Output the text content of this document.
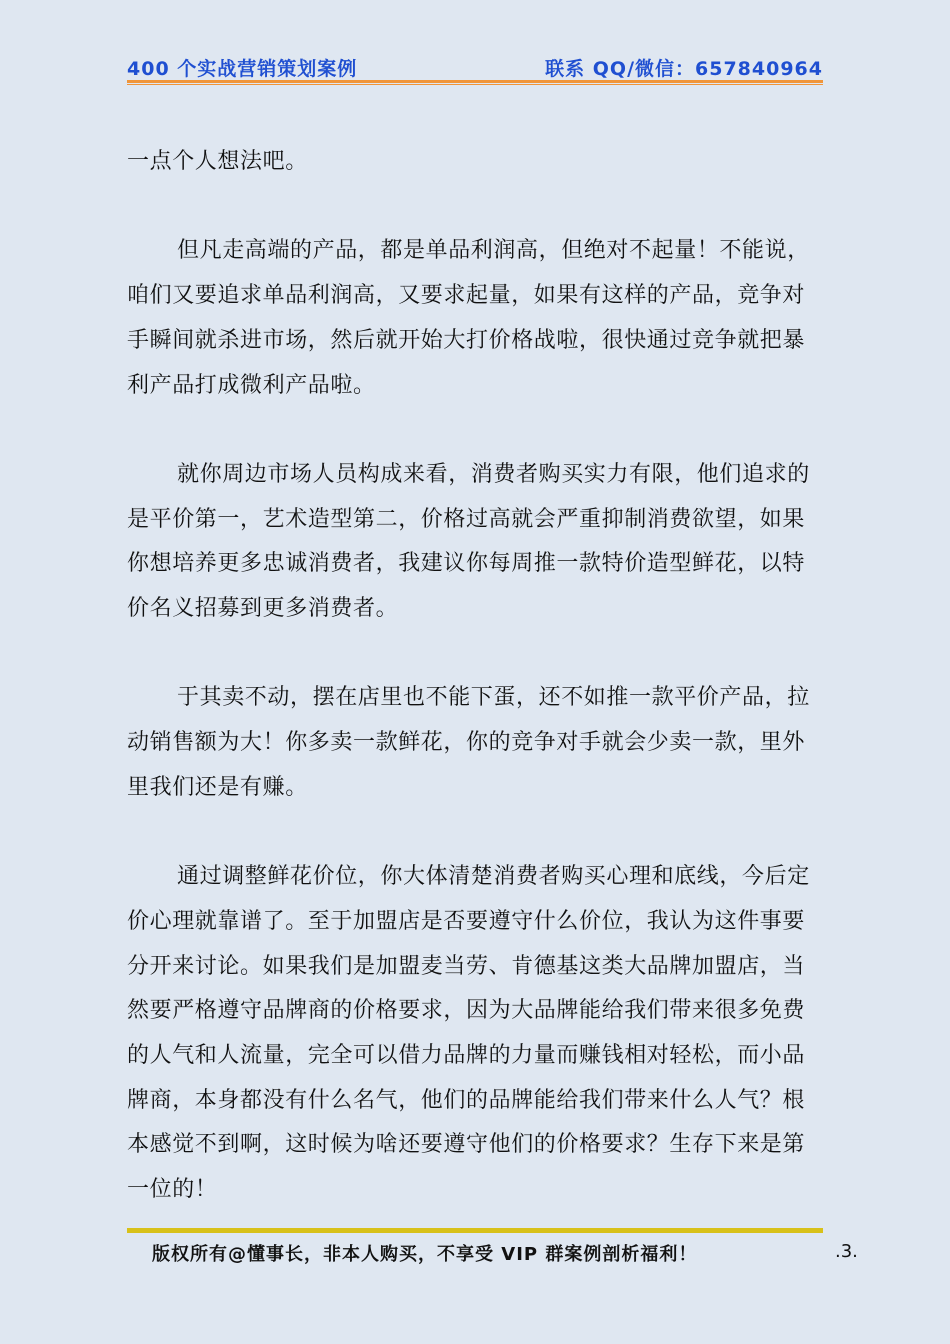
400 个实战营销策划案例	联系 QQ/微信：657840964

一点个人想法吧。

但凡走高端的产品，都是单品利润高，但绝对不起量！不能说，咱们又要追求单品利润高，又要求起量，如果有这样的产品，竞争对手瞬间就杀进市场，然后就开始大打价格战啦，很快通过竞争就把暴利产品打成微利产品啦。

就你周边市场人员构成来看，消费者购买实力有限，他们追求的是平价第一，艺术造型第二，价格过高就会严重抑制消费欲望，如果你想培养更多忠诚消费者，我建议你每周推一款特价造型鲜花，以特价名义招募到更多消费者。

于其卖不动，摆在店里也不能下蛋，还不如推一款平价产品，拉动销售额为大！你多卖一款鲜花，你的竞争对手就会少卖一款，里外里我们还是有赚。

通过调整鲜花价位，你大体清楚消费者购买心理和底线，今后定价心理就靠谱了。至于加盟店是否要遵守什么价位，我认为这件事要分开来讨论。如果我们是加盟麦当劳、肯德基这类大品牌加盟店，当然要严格遵守品牌商的价格要求，因为大品牌能给我们带来很多免费的人气和人流量，完全可以借力品牌的力量而赚钱相对轻松，而小品牌商，本身都没有什么名气，他们的品牌能给我们带来什么人气？根本感觉不到啊，这时候为啥还要遵守他们的价格要求？生存下来是第一位的！

版权所有@懂事长，非本人购买，不享受 VIP 群案例剖析福利！	.3.
